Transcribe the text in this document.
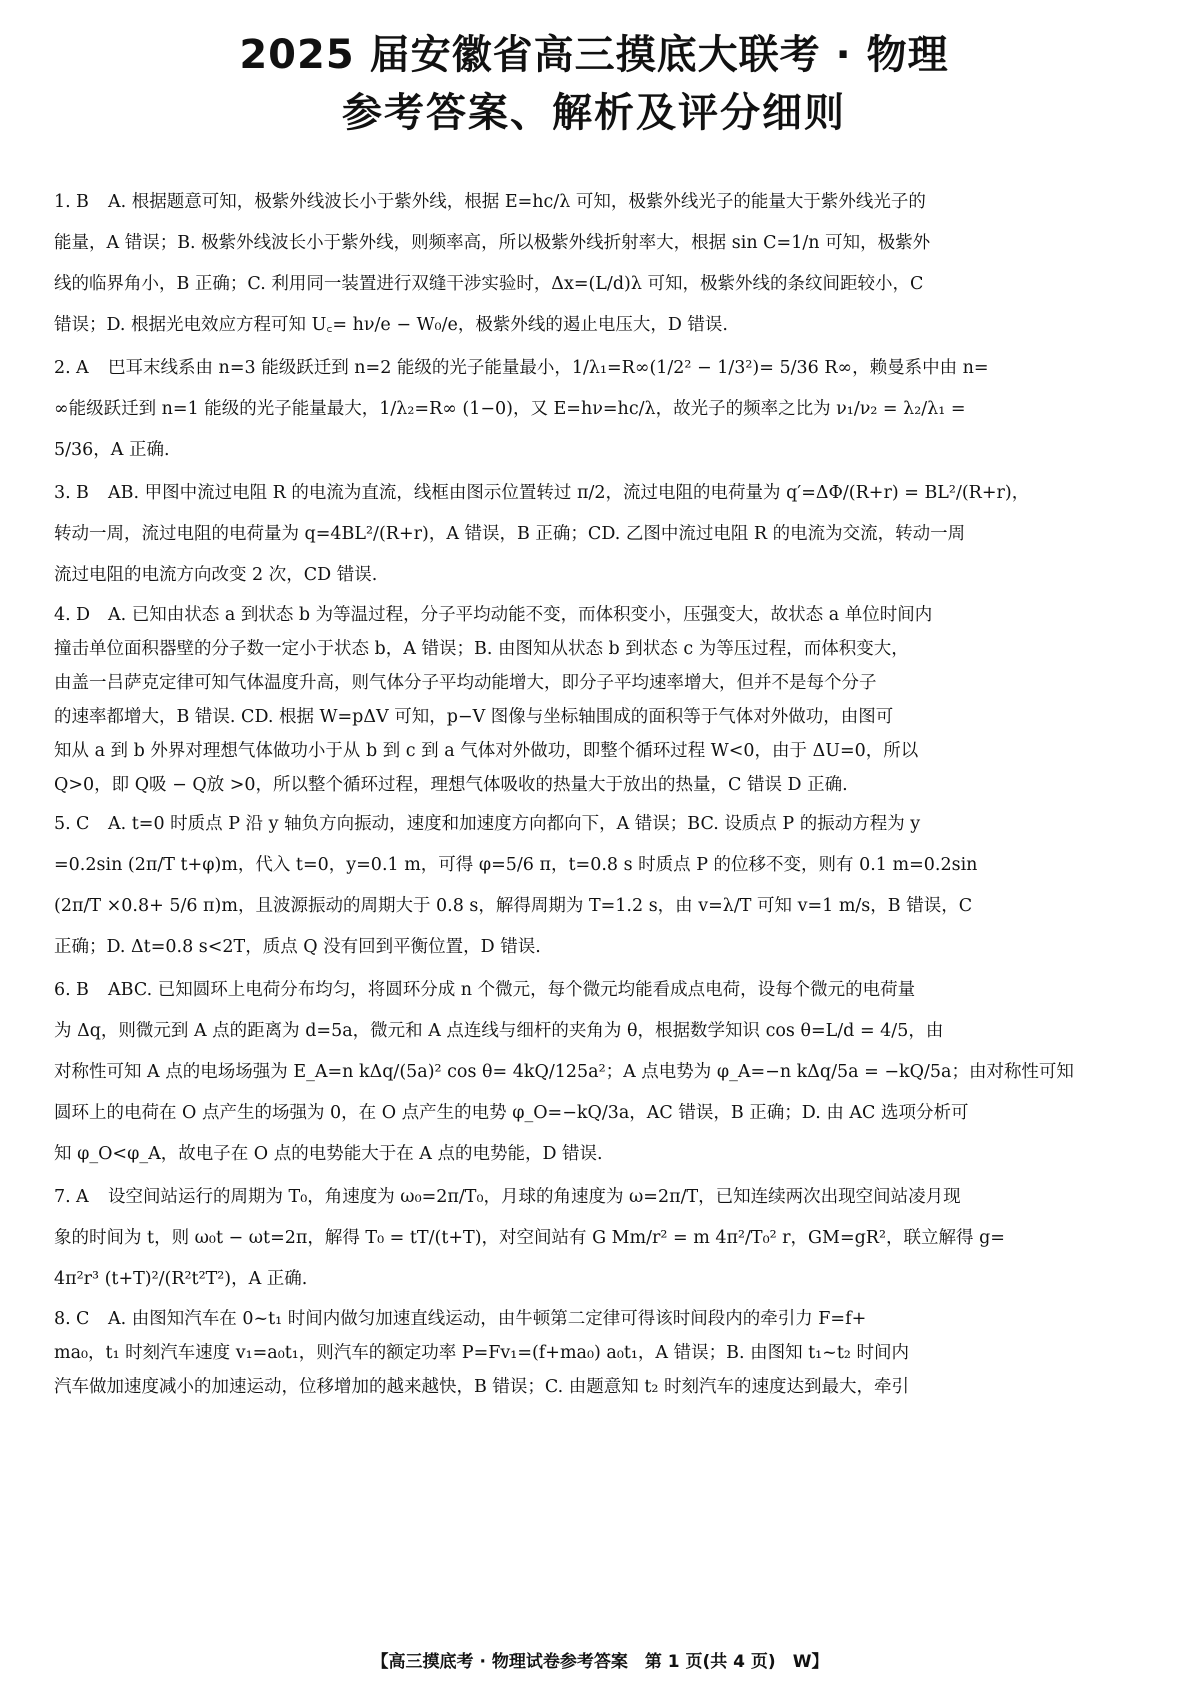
2025 届安徽省高三摸底大联考 · 物理
参考答案、解析及评分细则
1. B A. 根据题意可知，极紫外线波长小于紫外线，根据 E=hc/λ 可知，极紫外线光子的能量大于紫外线光子的
能量，A 错误；B. 极紫外线波长小于紫外线，则频率高，所以极紫外线折射率大，根据 sin C=1/n 可知，极紫外
线的临界角小，B 正确；C. 利用同一装置进行双缝干涉实验时，Δx=(L/d)λ 可知，极紫外线的条纹间距较小，C
错误；D. 根据光电效应方程可知 U꜀= hν/e − W₀/e，极紫外线的遏止电压大，D 错误.
2. A 巴耳末线系由 n=3 能级跃迁到 n=2 能级的光子能量最小，1/λ₁=R∞(1/2² − 1/3²)= 5/36 R∞，赖曼系中由 n=
∞能级跃迁到 n=1 能级的光子能量最大，1/λ₂=R∞ (1−0)，又 E=hν=hc/λ，故光子的频率之比为 ν₁/ν₂ = λ₂/λ₁ =
5/36，A 正确.
3. B AB. 甲图中流过电阻 R 的电流为直流，线框由图示位置转过 π/2，流过电阻的电荷量为 q′=ΔΦ/(R+r) = BL²/(R+r)，
转动一周，流过电阻的电荷量为 q=4BL²/(R+r)，A 错误，B 正确；CD. 乙图中流过电阻 R 的电流为交流，转动一周
流过电阻的电流方向改变 2 次，CD 错误.
4. D A. 已知由状态 a 到状态 b 为等温过程，分子平均动能不变，而体积变小，压强变大，故状态 a 单位时间内
撞击单位面积器壁的分子数一定小于状态 b，A 错误；B. 由图知从状态 b 到状态 c 为等压过程，而体积变大，
由盖一吕萨克定律可知气体温度升高，则气体分子平均动能增大，即分子平均速率增大，但并不是每个分子
的速率都增大，B 错误. CD. 根据 W=pΔV 可知，p−V 图像与坐标轴围成的面积等于气体对外做功，由图可
知从 a 到 b 外界对理想气体做功小于从 b 到 c 到 a 气体对外做功，即整个循环过程 W<0，由于 ΔU=0，所以
Q>0，即 Q吸 − Q放 >0，所以整个循环过程，理想气体吸收的热量大于放出的热量，C 错误 D 正确.
5. C A. t=0 时质点 P 沿 y 轴负方向振动，速度和加速度方向都向下，A 错误；BC. 设质点 P 的振动方程为 y
=0.2sin (2π/T t+φ)m，代入 t=0，y=0.1 m，可得 φ=5/6 π，t=0.8 s 时质点 P 的位移不变，则有 0.1 m=0.2sin
(2π/T ×0.8+ 5/6 π)m，且波源振动的周期大于 0.8 s，解得周期为 T=1.2 s，由 v=λ/T 可知 v=1 m/s，B 错误，C
正确；D. Δt=0.8 s<2T，质点 Q 没有回到平衡位置，D 错误.
6. B ABC. 已知圆环上电荷分布均匀，将圆环分成 n 个微元，每个微元均能看成点电荷，设每个微元的电荷量
为 Δq，则微元到 A 点的距离为 d=5a，微元和 A 点连线与细杆的夹角为 θ，根据数学知识 cos θ=L/d = 4/5，由
对称性可知 A 点的电场场强为 E_A=n kΔq/(5a)² cos θ= 4kQ/125a²；A 点电势为 φ_A=−n kΔq/5a = −kQ/5a；由对称性可知
圆环上的电荷在 O 点产生的场强为 0，在 O 点产生的电势 φ_O=−kQ/3a，AC 错误，B 正确；D. 由 AC 选项分析可
知 φ_O<φ_A，故电子在 O 点的电势能大于在 A 点的电势能，D 错误.
7. A 设空间站运行的周期为 T₀，角速度为 ω₀=2π/T₀，月球的角速度为 ω=2π/T，已知连续两次出现空间站凌月现
象的时间为 t，则 ω₀t − ωt=2π，解得 T₀ = tT/(t+T)，对空间站有 G Mm/r² = m 4π²/T₀² r，GM=gR²，联立解得 g=
4π²r³ (t+T)²/(R²t²T²)，A 正确.
8. C A. 由图知汽车在 0~t₁ 时间内做匀加速直线运动，由牛顿第二定律可得该时间段内的牵引力 F=f+
ma₀，t₁ 时刻汽车速度 v₁=a₀t₁，则汽车的额定功率 P=Fv₁=(f+ma₀) a₀t₁，A 错误；B. 由图知 t₁~t₂ 时间内
汽车做加速度减小的加速运动，位移增加的越来越快，B 错误；C. 由题意知 t₂ 时刻汽车的速度达到最大，牵引
【高三摸底考 · 物理试卷参考答案　第 1 页(共 4 页)　W】
